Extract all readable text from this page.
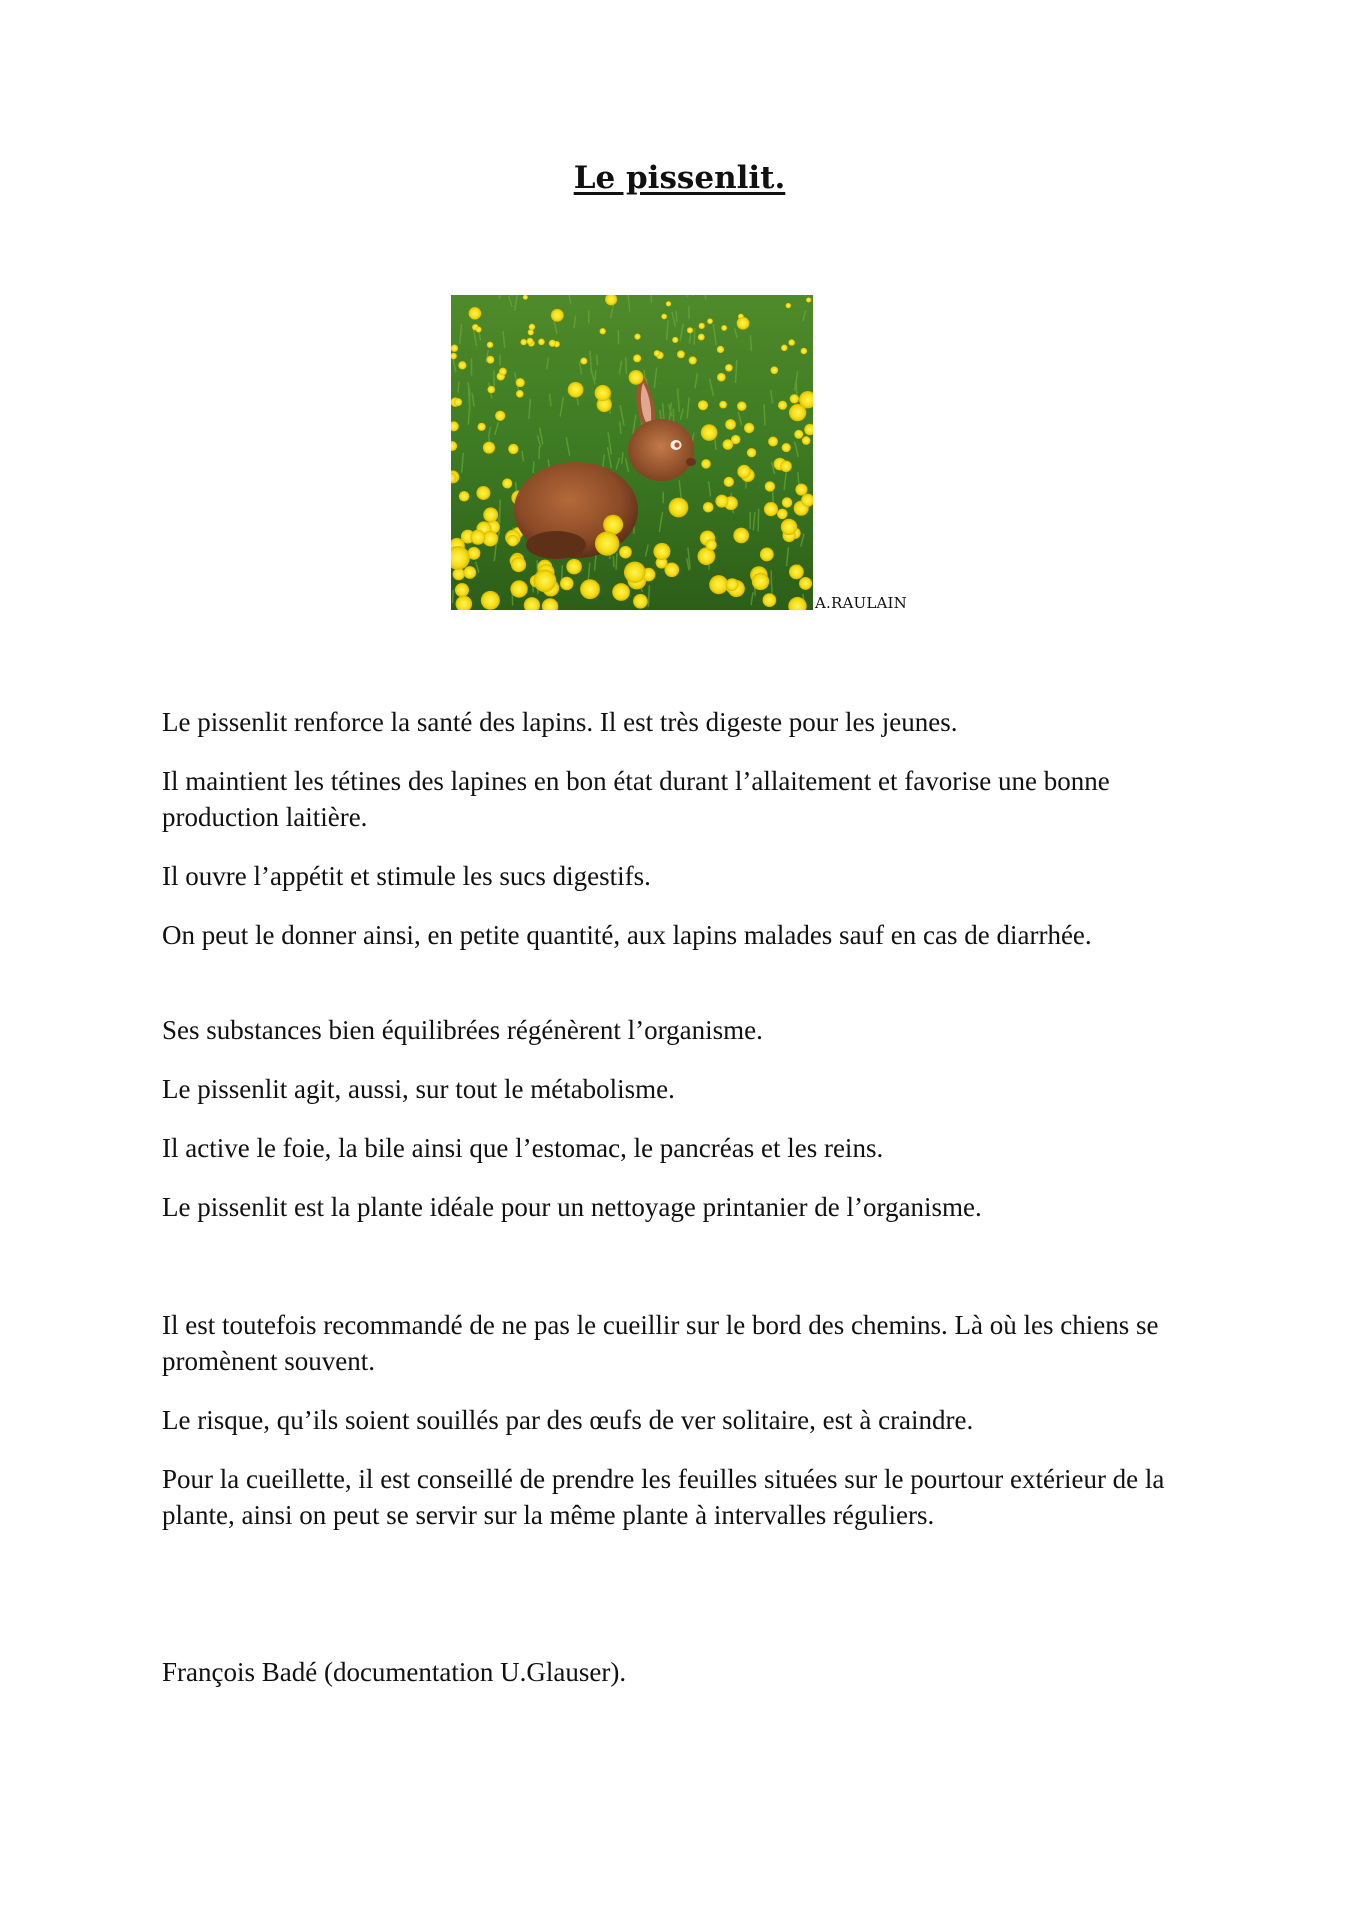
Le pissenlit.
A.RAULAIN

Le pissenlit renforce la santé des lapins. Il est très digeste pour les jeunes.

Il maintient les tétines des lapines en bon état durant l’allaitement et favorise une bonne production laitière.

Il ouvre l’appétit et stimule les sucs digestifs.

On peut le donner ainsi, en petite quantité, aux lapins malades sauf en cas de diarrhée.

Ses substances bien équilibrées régénèrent l’organisme.

Le pissenlit agit, aussi, sur tout le métabolisme.

Il active le foie, la bile ainsi que l’estomac, le pancréas et les reins.

Le pissenlit est la plante idéale pour un nettoyage printanier de l’organisme.

Il est toutefois recommandé de ne pas le cueillir sur le bord des chemins. Là où les chiens se promènent souvent.

Le risque, qu’ils soient souillés par des œufs de ver solitaire, est à craindre.

Pour la cueillette, il est conseillé de prendre les feuilles situées sur le pourtour extérieur de la plante, ainsi on peut se servir sur la même plante à intervalles réguliers.

François Badé (documentation U.Glauser).
